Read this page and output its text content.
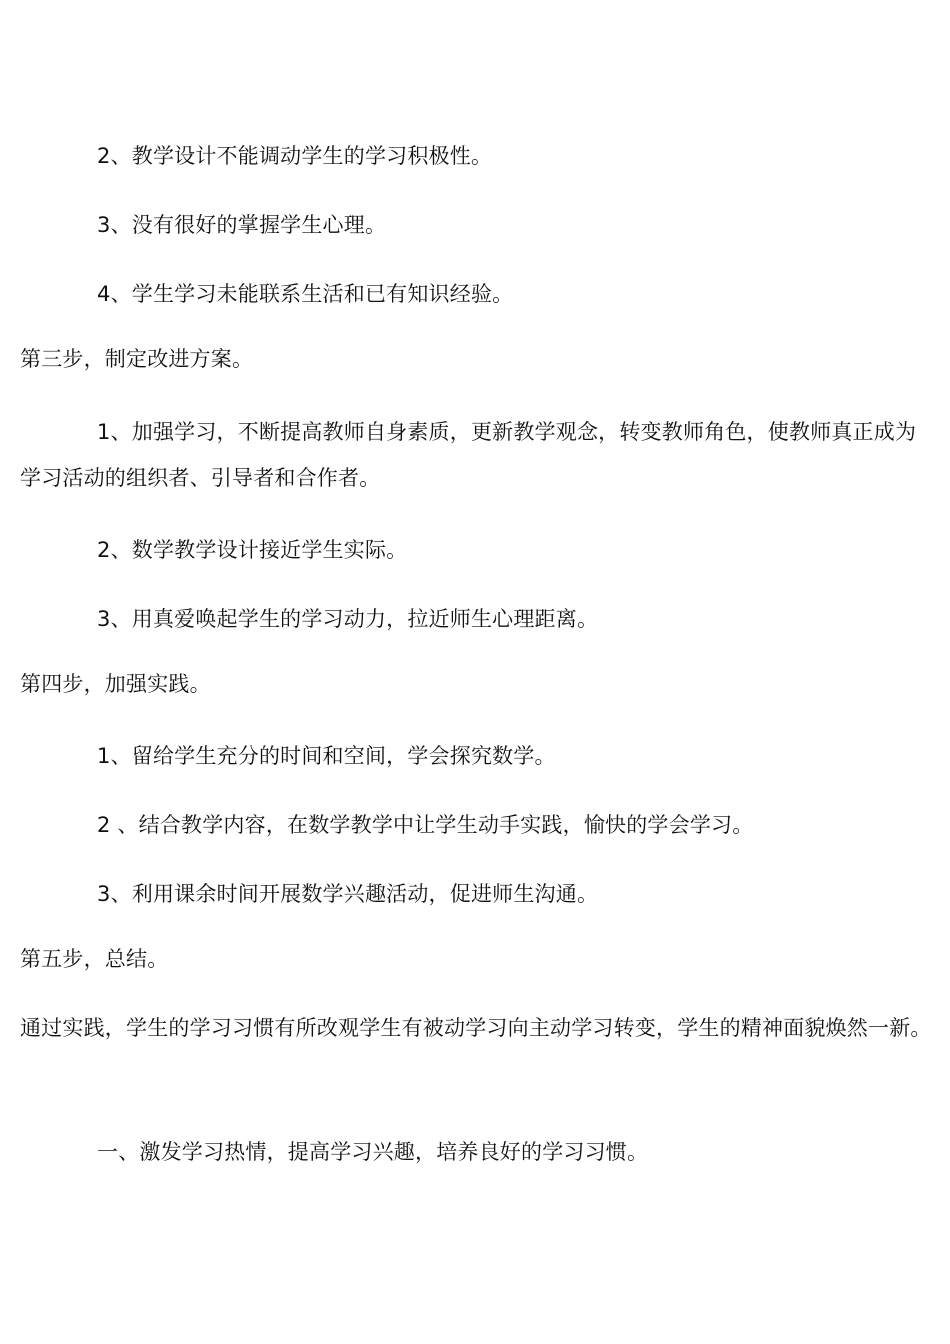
2、教学设计不能调动学生的学习积极性。
3、没有很好的掌握学生心理。
4、学生学习未能联系生活和已有知识经验。
第三步，制定改进方案。
1、加强学习，不断提高教师自身素质，更新教学观念，转变教师角色，使教师真正成为学习活动的组织者、引导者和合作者。
2、数学教学设计接近学生实际。
3、用真爱唤起学生的学习动力，拉近师生心理距离。
第四步，加强实践。
1、留给学生充分的时间和空间，学会探究数学。
2 、结合教学内容，在数学教学中让学生动手实践，愉快的学会学习。
3、利用课余时间开展数学兴趣活动，促进师生沟通。
第五步，总结。
通过实践，学生的学习习惯有所改观学生有被动学习向主动学习转变，学生的精神面貌焕然一新。
一、激发学习热情，提高学习兴趣，培养良好的学习习惯。
